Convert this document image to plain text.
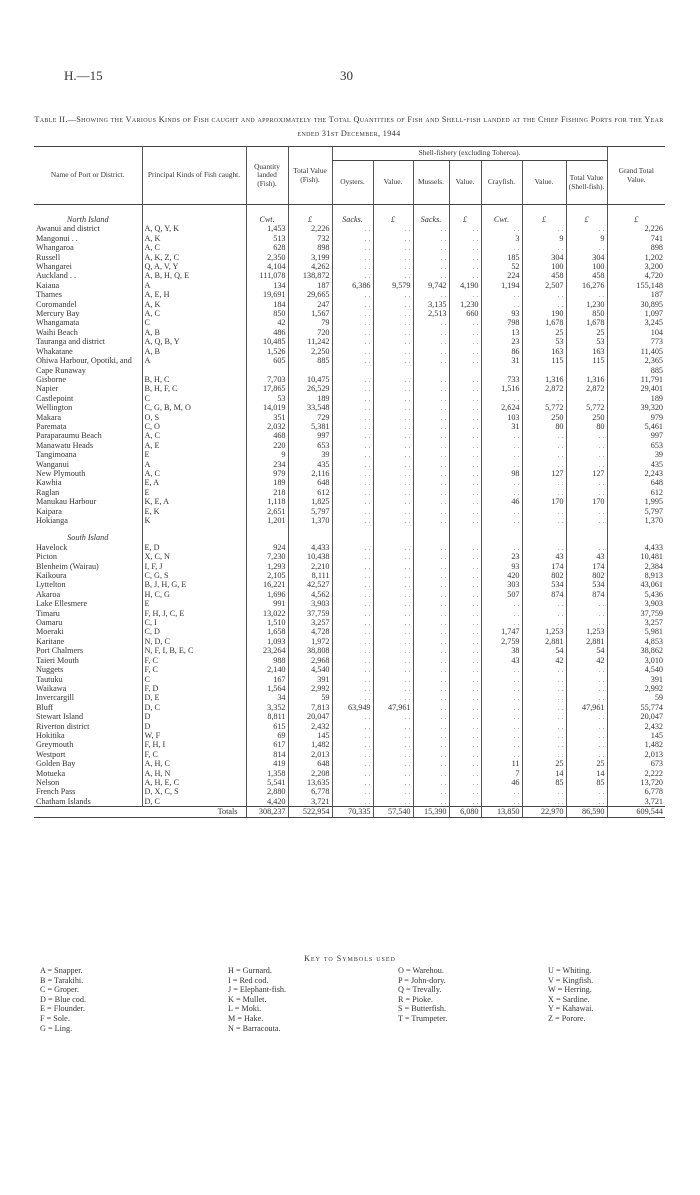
H.—15	30
Table II.—Showing the Various Kinds of Fish caught and approximately the Total Quantities of Fish and Shell-fish landed at the Chief Fishing Ports for the Year ended 31st December, 1944
Name of Port or District.	Principal Kinds of Fish caught.	Quantity landed (Fish).	Total Value (Fish).	Shell-fishery (excluding Toheroa).							Grand Total Value.
				Oysters.	Value.	Mussels.	Value.	Crayfish.	Value.	Total Value (Shell-fish).	
North Island		Cwt.	£	Sacks.	£	Sacks.	£	Cwt.	£	£	£
Awanui and district	A, Q, Y, K	1,453	2,226	. .	. .	. .	. .	. .	. .	. .	2,226
Mangonui . .	A, K	513	732	. .	. .	. .	. .	3	9	9	741
Whangaroa	A, C	628	898	. .	. .	. .	. .	. .	. .	. .	898
Russell	A, K, Z, C	2,350	3,199	. .	. .	. .	. .	185	304	304	1,202
Whangarei	Q, A, V, Y	4,104	4,262	. .	. .	. .	. .	52	100	100	3,200
Auckland . .	A, B, H, Q, E	111,078	138,872	. .	. .	. .	. .	224	458	458	4,720
Kaiaua	A	134	187	6,386	9,579	9,742	4,190	1,194	2,507	16,276	155,148
Thames	A, E, H	19,691	29,665	. .	. .	. .	. .	. .	. .	. .	187
Coromandel	A, K	184	247	. .	. .	3,135	1,230	. .	. .	1,230	30,895
Mercury Bay	A, C	850	1,567	. .	. .	2,513	660	93	190	850	1,097
Whangamata	C	42	79	. .	. .	. .	. .	798	1,678	1,678	3,245
Waihi Beach	A, B	486	720	. .	. .	. .	. .	13	25	25	104
Tauranga and district	A, Q, B, Y	10,485	11,242	. .	. .	. .	. .	23	53	53	773
Whakatane	A, B	1,526	2,250	. .	. .	. .	. .	86	163	163	11,405
Ohiwa Harbour, Opotiki, and Cape Runaway	A	605	885	. .	. .	. .	. .	31	115	115	2,365
885

Gisborne	B, H, C	7,703	10,475	. .	. .	. .	. .	733	1,316	1,316	11,791
Napier	B, H, F, C	17,865	26,529	. .	. .	. .	. .	1,516	2,872	2,872	29,401
Castlepoint	C	53	189	. .	. .	. .	. .	. .	. .	. .	189
Wellington	C, G, B, M, O	14,019	33,548	. .	. .	. .	. .	2,624	5,772	5,772	39,320
Makara	O, S	351	729	. .	. .	. .	. .	103	250	250	979
Paremata	C, O	2,032	5,381	. .	. .	. .	. .	31	80	80	5,461
Paraparaumu Beach	A, C	468	997	. .	. .	. .	. .	. .	. .	. .	997
Manawatu Heads	A, E	220	653	. .	. .	. .	. .	. .	. .	. .	653
Tangimoana	E	9	39	. .	. .	. .	. .	. .	. .	. .	39
Wanganui	A	234	435	. .	. .	. .	. .	. .	. .	. .	435
New Plymouth	A, C	979	2,116	. .	. .	. .	. .	98	127	127	2,243
Kawhia	E, A	189	648	. .	. .	. .	. .	. .	. .	. .	648
Raglan	E	218	612	. .	. .	. .	. .	. .	. .	. .	612
Manukau Harbour	K, E, A	1,118	1,825	. .	. .	. .	. .	46	170	170	1,995
Kaipara	E, K	2,651	5,797	. .	. .	. .	. .	. .	. .	. .	5,797
Hokianga	K	1,201	1,370	. .	. .	. .	. .	. .	. .	. .	1,370
South Island											
Havelock	E, D	924	4,433	. .	. .	. .	. .	. .	. .	. .	4,433
Picton	X, C, N	7,230	10,438	. .	. .	. .	. .	23	43	43	10,481
Blenheim (Wairau)	I, F, J	1,293	2,210	. .	. .	. .	. .	93	174	174	2,384
Kaikoura	C, G, S	2,105	8,111	. .	. .	. .	. .	420	802	802	8,913
Lyttelton	B, J, H, G, E	16,221	42,527	. .	. .	. .	. .	303	534	534	43,061
Akaroa	H, C, G	1,696	4,562	. .	. .	. .	. .	507	874	874	5,436
Lake Ellesmere	E	991	3,903	. .	. .	. .	. .	. .	. .	. .	3,903
Timaru	F, H, J, C, E	13,022	37,759	. .	. .	. .	. .	. .	. .	. .	37,759
Oamaru	C, I	1,510	3,257	. .	. .	. .	. .	. .	. .	. .	3,257
Moeraki	C, D	1,658	4,728	. .	. .	. .	. .	1,747	1,253	1,253	5,981
Karitane	N, D, C	1,093	1,972	. .	. .	. .	. .	2,759	2,881	2,881	4,853
Port Chalmers	N, F, I, B, E, C	23,264	38,808	. .	. .	. .	. .	38	54	54	38,862
Taieri Mouth	F, C	988	2,968	. .	. .	. .	. .	43	42	42	3,010
Nuggets	F, C	2,140	4,540	. .	. .	. .	. .	. .	. .	. .	4,540
Tautuku	C	167	391	. .	. .	. .	. .	. .	. .	. .	391
Waikawa	F, D	1,564	2,992	. .	. .	. .	. .	. .	. .	. .	2,992
Invercargill	D, E	34	59	. .	. .	. .	. .	. .	. .	. .	59
Bluff	D, C	3,352	7,813	63,949	47,961	. .	. .	. .	. .	47,961	55,774
Stewart Island	D	8,811	20,047	. .	. .	. .	. .	. .	. .	. .	20,047
Riverton district	D	615	2,432	. .	. .	. .	. .	. .	. .	. .	2,432
Hokitika	W, F	69	145	. .	. .	. .	. .	. .	. .	. .	145
Greymouth	F, H, I	617	1,482	. .	. .	. .	. .	. .	. .	. .	1,482
Westport	F, C	814	2,013	. .	. .	. .	. .	. .	. .	. .	2,013
Golden Bay	A, H, C	419	648	. .	. .	. .	. .	11	25	25	673
Motueka	A, H, N	1,358	2,208	. .	. .	. .	. .	7	14	14	2,222
Nelson	A, H, E, C	5,541	13,635	. .	. .	. .	. .	46	85	85	13,720
French Pass	D, X, C, S	2,880	6,778	. .	. .	. .	. .	. .	. .	. .	6,778
Chatham Islands	D, C	4,420	3,721	. .	. .	. .	. .	. .	. .	. .	3,721
Totals		308,237	522,954	70,335	57,540	15,390	6,080	13,850	22,970	86,590	609,544
Key to Symbols used
A = Snapper.
B = Tarakihi.
C = Groper.
D = Blue cod.
E = Flounder.
F = Sole.
G = Ling.
H = Gurnard.
I = Red cod.
J = Elephant-fish.
K = Mullet.
L = Moki.
M = Hake.
N = Barracouta.
O = Warehou.
P = John-dory.
Q = Trevally.
R = Pioke.
S = Butterfish.
T = Trumpeter.
U = Whiting.
V = Kingfish.
W = Herring.
X = Sardine.
Y = Kahawai.
Z = Porore.
